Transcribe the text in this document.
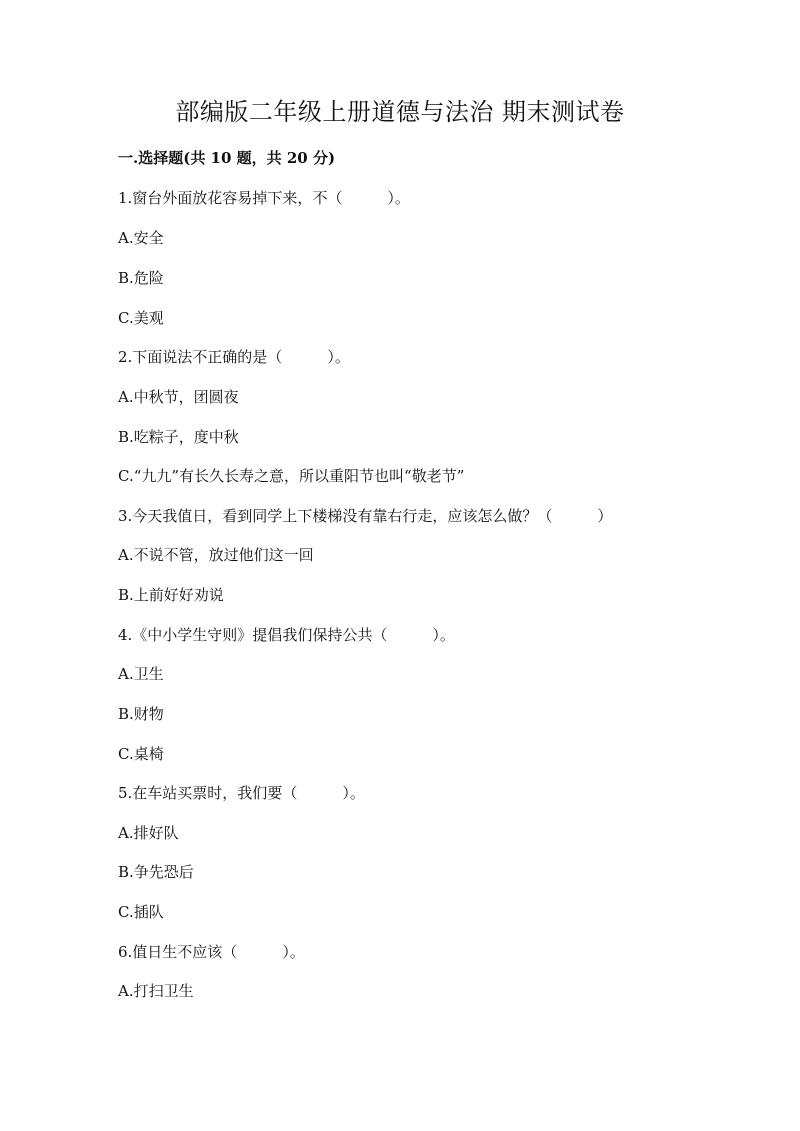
部编版二年级上册道德与法治 期末测试卷
一.选择题(共 10 题，共 20 分)
1.窗台外面放花容易掉下来，不（　　　）。
A.安全
B.危险
C.美观
2.下面说法不正确的是（　　　）。
A.中秋节，团圆夜
B.吃粽子，度中秋
C.“九九”有长久长寿之意，所以重阳节也叫“敬老节”
3.今天我值日，看到同学上下楼梯没有靠右行走，应该怎么做？（　　　）
A.不说不管，放过他们这一回
B.上前好好劝说
4.《中小学生守则》提倡我们保持公共（　　　）。
A.卫生
B.财物
C.桌椅
5.在车站买票时，我们要（　　　）。
A.排好队
B.争先恐后
C.插队
6.值日生不应该（　　　）。
A.打扫卫生
